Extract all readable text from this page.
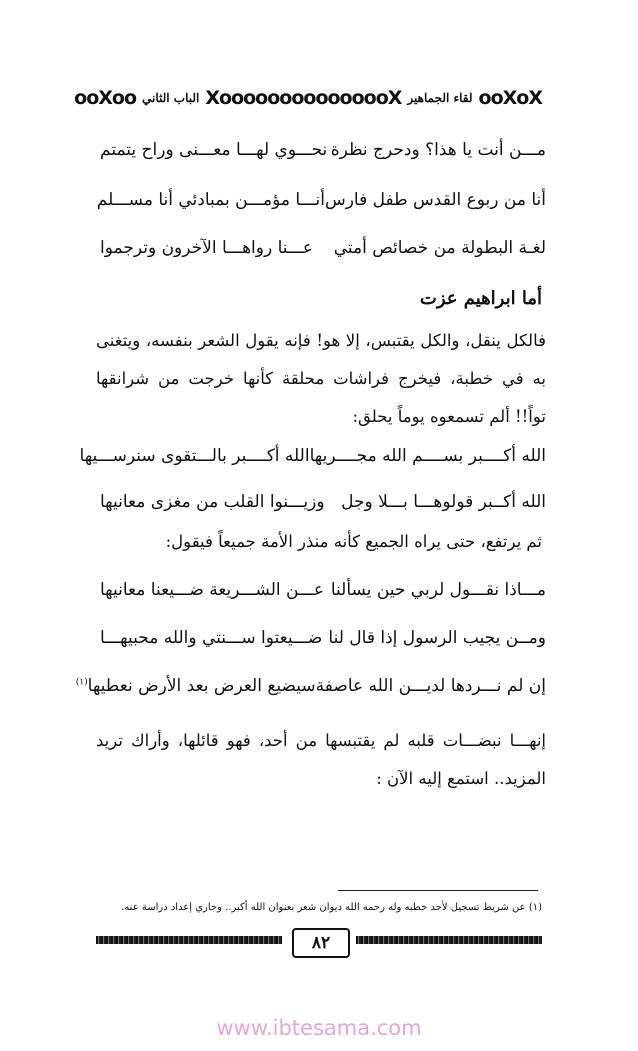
ooXoX
لقاء الجماهير
XooooooooooooooX
الباب الثاني
ooXoo
مـــن أنت يا هذا؟ ودحرج نظرة
نحـــوي لهـــا معـــنى وراح يتمتم
أنا من ربوع القدس طفل فارس
أنـــا مؤمـــن بمبادئي أنا مســـلم
لغـة البطولة من خصائص أمتي
عـــنا رواهـــا الآخرون وترجموا
أما ابراهيم عزت
فالكل ينقل، والكل يقتبس، إلا هو! فإنه يقول الشعر بنفسه، ويتغنى به في خطبة، فيخرج فراشات محلقة كأنها خرجت من شرانقها تواً!! ألم تسمعوه يوماً يحلق:
الله أكــــبر بســــم الله مجــــريها
الله أكــــبر بالـــتقوى سنرســـيها
الله أكــبر قولوهـــا بـــلا وجل
وزيـــنوا القلب من مغزى معانيها
ثم يرتفع، حتى يراه الجميع كأنه منذر الأمة جميعاً فيقول:
مـــاذا نقـــول لربي حين يسألنا
عـــن الشـــريعة ضـــيعنا معانيها
ومــن يجيب الرسول إذا قال لنا
ضـــيعتوا ســـنتي والله محبيهـــا
إن لم نـــردها لديـــن الله عاصفة
سيضيع العرض بعد الأرض نعطيها$^{(١)}$
إنهـــا نبضـــات قلبه لم يقتبسها من أحد، فهو قائلها، وأراك تريد المزيد.. استمع إليه الآن :
(١) عن شريط تسجيل لأحد خطبه وله رحمه الله ديوان شعر بعنوان الله أكبر.. وجاري إعداد دراسة عنه.
٨٢
www.ibtesama.com
